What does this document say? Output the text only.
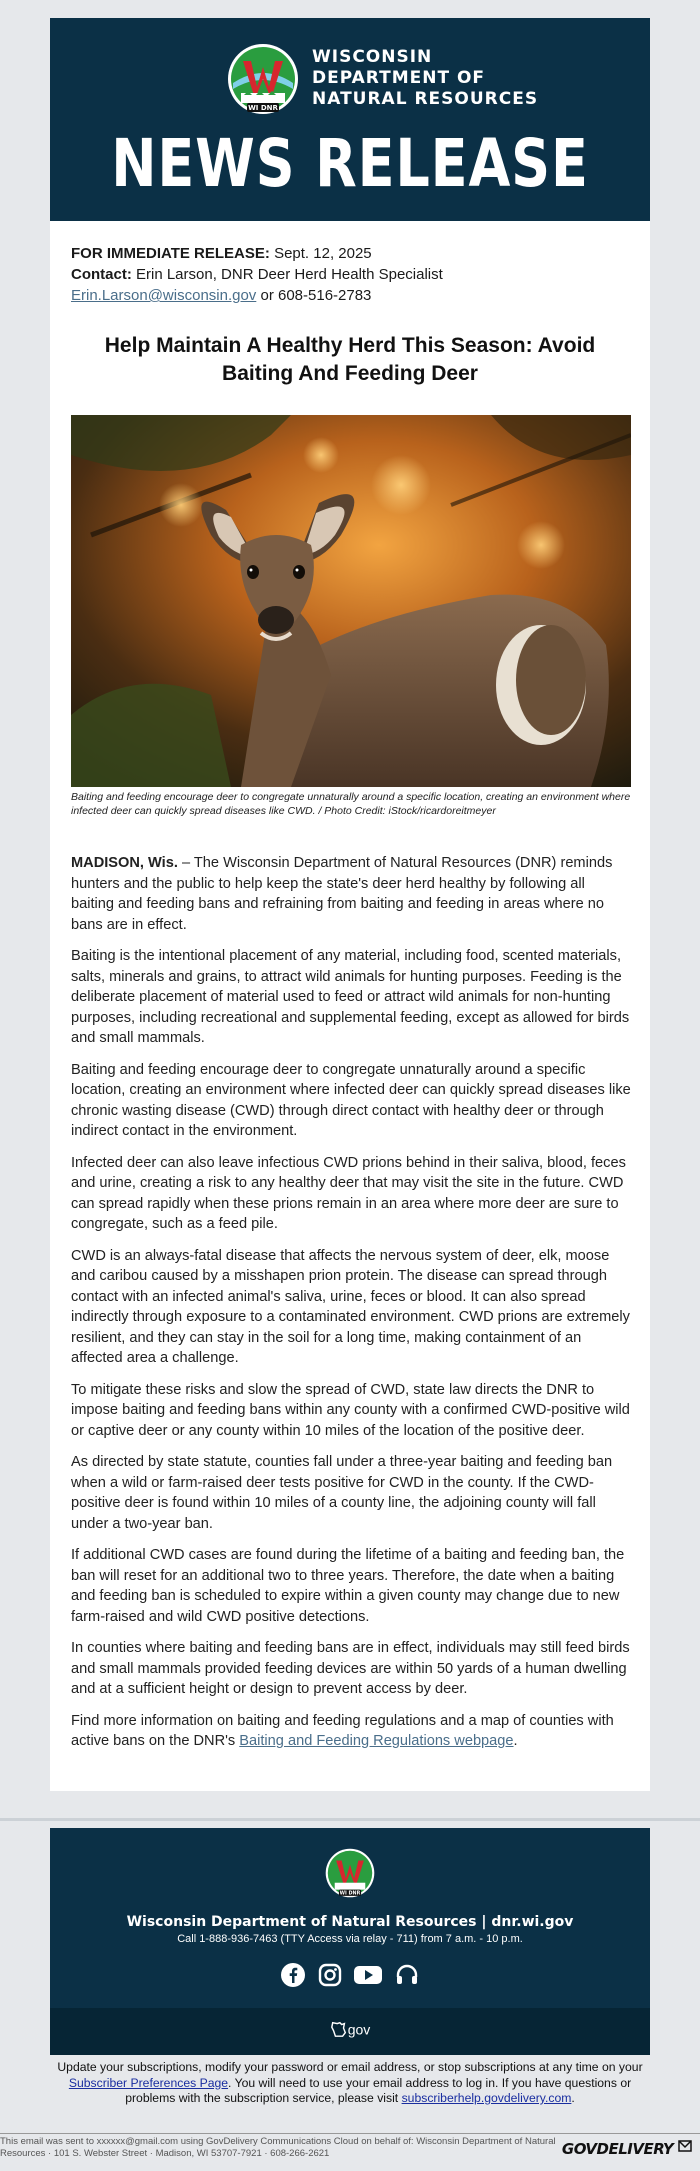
WI DNR
WISCONSIN
DEPARTMENT OF
NATURAL RESOURCES
NEWS RELEASE
FOR IMMEDIATE RELEASE: Sept. 12, 2025
Contact: Erin Larson, DNR Deer Herd Health Specialist
Erin.Larson@wisconsin.gov or 608-516-2783
Help Maintain A Healthy Herd This Season: Avoid Baiting And Feeding Deer
Baiting and feeding encourage deer to congregate unnaturally around a specific location, creating an environment where infected deer can quickly spread diseases like CWD. / Photo Credit: iStock/ricardoreitmeyer

MADISON, Wis. – The Wisconsin Department of Natural Resources (DNR) reminds hunters and the public to help keep the state's deer herd healthy by following all baiting and feeding bans and refraining from baiting and feeding in areas where no bans are in effect.

Baiting is the intentional placement of any material, including food, scented materials, salts, minerals and grains, to attract wild animals for hunting purposes. Feeding is the deliberate placement of material used to feed or attract wild animals for non-hunting purposes, including recreational and supplemental feeding, except as allowed for birds and small mammals.

Baiting and feeding encourage deer to congregate unnaturally around a specific location, creating an environment where infected deer can quickly spread diseases like chronic wasting disease (CWD) through direct contact with healthy deer or through indirect contact in the environment.

Infected deer can also leave infectious CWD prions behind in their saliva, blood, feces and urine, creating a risk to any healthy deer that may visit the site in the future. CWD can spread rapidly when these prions remain in an area where more deer are sure to congregate, such as a feed pile.

CWD is an always-fatal disease that affects the nervous system of deer, elk, moose and caribou caused by a misshapen prion protein. The disease can spread through contact with an infected animal's saliva, urine, feces or blood. It can also spread indirectly through exposure to a contaminated environment. CWD prions are extremely resilient, and they can stay in the soil for a long time, making containment of an affected area a challenge.

To mitigate these risks and slow the spread of CWD, state law directs the DNR to impose baiting and feeding bans within any county with a confirmed CWD-positive wild or captive deer or any county within 10 miles of the location of the positive deer.

As directed by state statute, counties fall under a three-year baiting and feeding ban when a wild or farm-raised deer tests positive for CWD in the county. If the CWD-positive deer is found within 10 miles of a county line, the adjoining county will fall under a two-year ban.

If additional CWD cases are found during the lifetime of a baiting and feeding ban, the ban will reset for an additional two to three years. Therefore, the date when a baiting and feeding ban is scheduled to expire within a given county may change due to new farm-raised and wild CWD positive detections.

In counties where baiting and feeding bans are in effect, individuals may still feed birds and small mammals provided feeding devices are within 50 yards of a human dwelling and at a sufficient height or design to prevent access by deer.

Find more information on baiting and feeding regulations and a map of counties with active bans on the DNR's Baiting and Feeding Regulations webpage.

WI DNR
Wisconsin Department of Natural Resources | dnr.wi.gov
Call 1-888-936-7463 (TTY Access via relay - 711) from 7 a.m. - 10 p.m.

gov
Update your subscriptions, modify your password or email address, or stop subscriptions at any time on your Subscriber Preferences Page. You will need to use your email address to log in. If you have questions or problems with the subscription service, please visit subscriberhelp.govdelivery.com.
This email was sent to xxxxxx@gmail.com using GovDelivery Communications Cloud on behalf of: Wisconsin Department of Natural Resources · 101 S. Webster Street · Madison, WI 53707-7921 · 608-266-2621	GOVDELIVERY
